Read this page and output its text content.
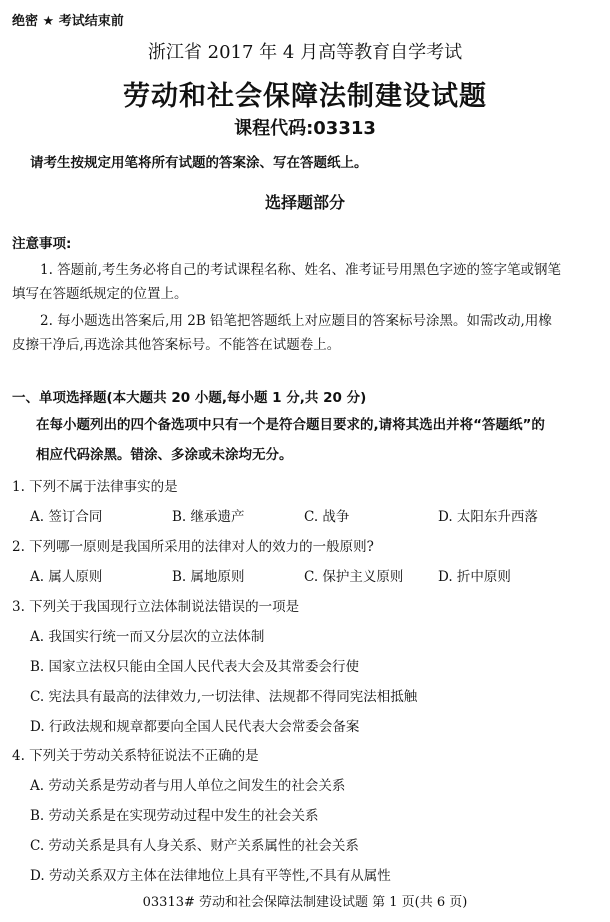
绝密 ★ 考试结束前
浙江省 2017 年 4 月高等教育自学考试
劳动和社会保障法制建设试题
课程代码:03313
请考生按规定用笔将所有试题的答案涂、写在答题纸上。
选择题部分
注意事项:
1. 答题前,考生务必将自己的考试课程名称、姓名、准考证号用黑色字迹的签字笔或钢笔
填写在答题纸规定的位置上。
2. 每小题选出答案后,用 2B 铅笔把答题纸上对应题目的答案标号涂黑。如需改动,用橡
皮擦干净后,再选涂其他答案标号。不能答在试题卷上。
一、单项选择题(本大题共 20 小题,每小题 1 分,共 20 分)
在每小题列出的四个备选项中只有一个是符合题目要求的,请将其选出并将“答题纸”的
相应代码涂黑。错涂、多涂或未涂均无分。
1. 下列不属于法律事实的是
A. 签订合同	B. 继承遗产	C. 战争	D. 太阳东升西落
2. 下列哪一原则是我国所采用的法律对人的效力的一般原则?
A. 属人原则	B. 属地原则	C. 保护主义原则	D. 折中原则
3. 下列关于我国现行立法体制说法错误的一项是
A. 我国实行统一而又分层次的立法体制
B. 国家立法权只能由全国人民代表大会及其常委会行使
C. 宪法具有最高的法律效力,一切法律、法规都不得同宪法相抵触
D. 行政法规和规章都要向全国人民代表大会常委会备案
4. 下列关于劳动关系特征说法不正确的是
A. 劳动关系是劳动者与用人单位之间发生的社会关系
B. 劳动关系是在实现劳动过程中发生的社会关系
C. 劳动关系是具有人身关系、财产关系属性的社会关系
D. 劳动关系双方主体在法律地位上具有平等性,不具有从属性
03313# 劳动和社会保障法制建设试题 第 1 页(共 6 页)
